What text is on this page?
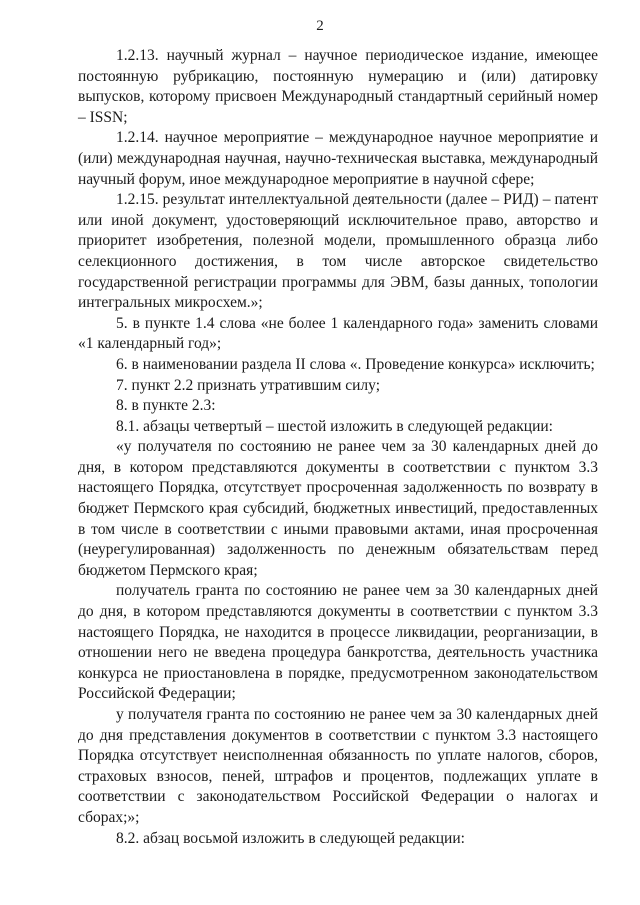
2

1.2.13. научный журнал – научное периодическое издание, имеющее постоянную рубрикацию, постоянную нумерацию и (или) датировку выпусков, которому присвоен Международный стандартный серийный номер – ISSN;

1.2.14. научное мероприятие – международное научное мероприятие и (или) международная научная, научно-техническая выставка, международный научный форум, иное международное мероприятие в научной сфере;

1.2.15. результат интеллектуальной деятельности (далее – РИД) – патент или иной документ, удостоверяющий исключительное право, авторство и приоритет изобретения, полезной модели, промышленного образца либо селекционного достижения, в том числе авторское свидетельство государственной регистрации программы для ЭВМ, базы данных, топологии интегральных микросхем.»;

5. в пункте 1.4 слова «не более 1 календарного года» заменить словами «1 календарный год»;

6. в наименовании раздела II слова «. Проведение конкурса» исключить;

7. пункт 2.2 признать утратившим силу;

8. в пункте 2.3:

8.1. абзацы четвертый – шестой изложить в следующей редакции:

«у получателя по состоянию не ранее чем за 30 календарных дней до дня, в котором представляются документы в соответствии с пунктом 3.3 настоящего Порядка, отсутствует просроченная задолженность по возврату в бюджет Пермского края субсидий, бюджетных инвестиций, предоставленных в том числе в соответствии с иными правовыми актами, иная просроченная (неурегулированная) задолженность по денежным обязательствам перед бюджетом Пермского края;

получатель гранта по состоянию не ранее чем за 30 календарных дней до дня, в котором представляются документы в соответствии с пунктом 3.3 настоящего Порядка, не находится в процессе ликвидации, реорганизации, в отношении него не введена процедура банкротства, деятельность участника конкурса не приостановлена в порядке, предусмотренном законодательством Российской Федерации;

у получателя гранта по состоянию не ранее чем за 30 календарных дней до дня представления документов в соответствии с пунктом 3.3 настоящего Порядка отсутствует неисполненная обязанность по уплате налогов, сборов, страховых взносов, пеней, штрафов и процентов, подлежащих уплате в соответствии с законодательством Российской Федерации о налогах и сборах;»;

8.2. абзац восьмой изложить в следующей редакции:
